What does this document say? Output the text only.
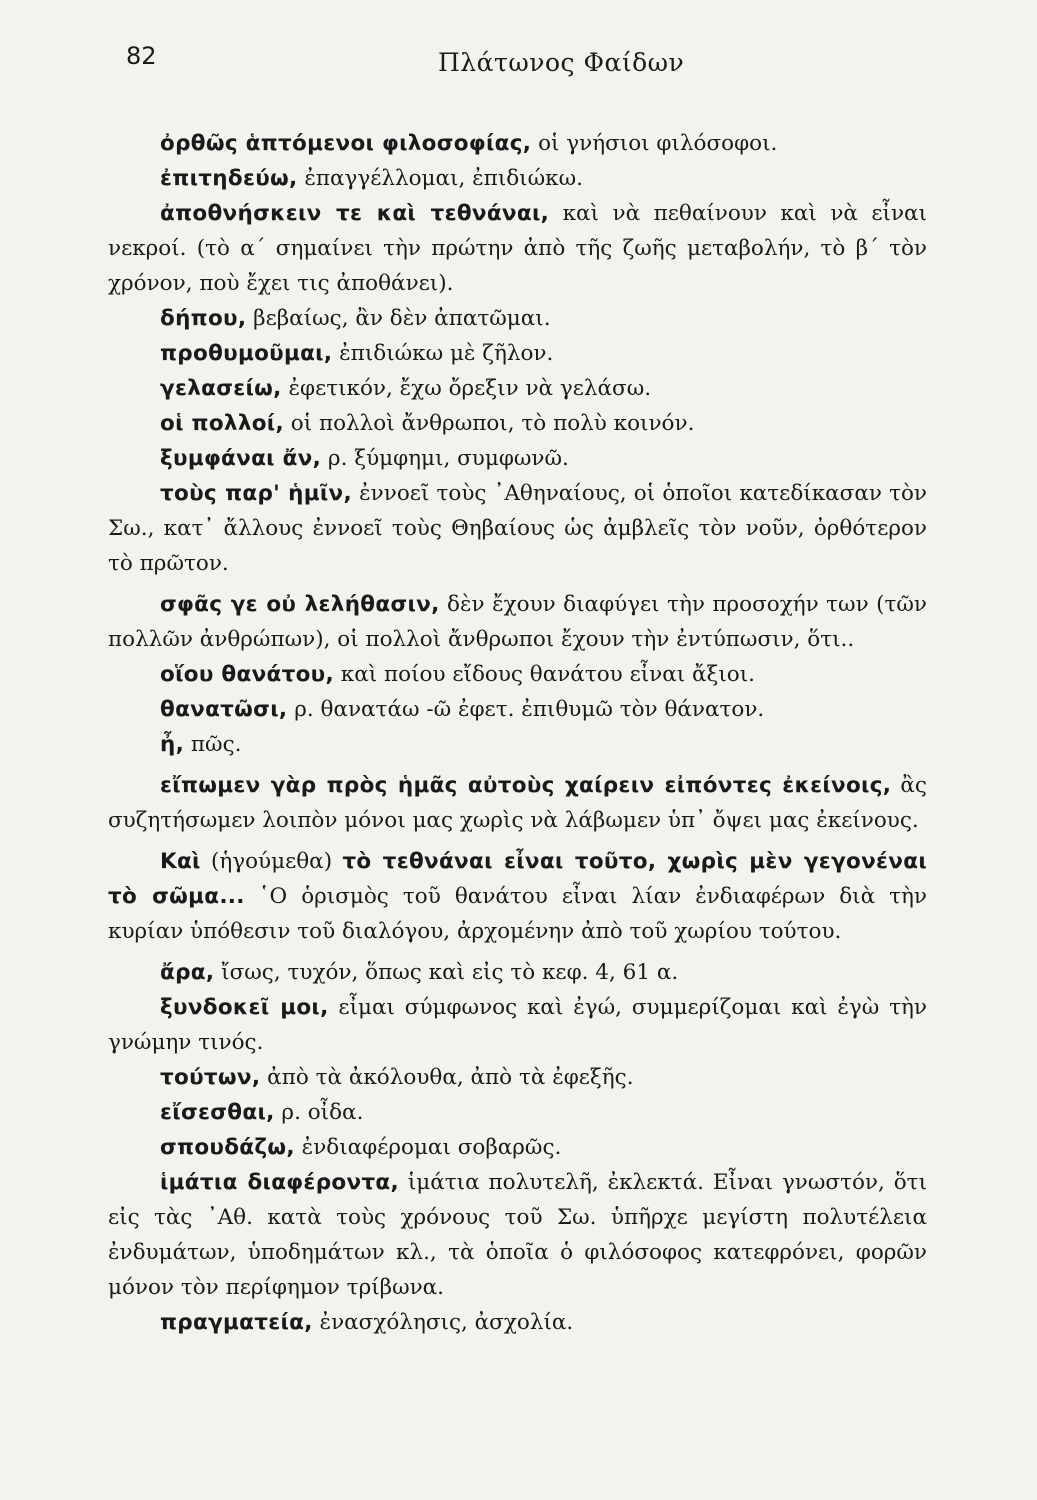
82	Πλάτωνος Φαίδων

ὀρθῶς ἁπτόμενοι φιλοσοφίας, οἱ γνήσιοι φιλόσοφοι.

ἐπιτηδεύω, ἐπαγγέλλομαι, ἐπιδιώκω.

ἀποθνήσκειν τε καὶ τεθνάναι, καὶ νὰ πεθαίνουν καὶ νὰ εἶναι νεκροί. (τὸ α΄ σημαίνει τὴν πρώτην ἀπὸ τῆς ζωῆς μεταβολήν, τὸ β΄ τὸν χρόνον, ποὺ ἔχει τις ἀποθάνει).

δήπου, βεβαίως, ἂν δὲν ἀπατῶμαι.

προθυμοῦμαι, ἐπιδιώκω μὲ ζῆλον.

γελασείω, ἐφετικόν, ἔχω ὄρεξιν νὰ γελάσω.

οἱ πολλοί, οἱ πολλοὶ ἄνθρωποι, τὸ πολὺ κοινόν.

ξυμφάναι ἄν, ρ. ξύμφημι, συμφωνῶ.

τοὺς παρ' ἡμῖν, ἐννοεῖ τοὺς ᾿Αθηναίους, οἱ ὁποῖοι κατεδίκασαν τὸν Σω., κατ᾿ ἄλλους ἐννοεῖ τοὺς Θηβαίους ὡς ἀμβλεῖς τὸν νοῦν, ὀρθότερον τὸ πρῶτον.

σφᾶς γε οὐ λελήθασιν, δὲν ἔχουν διαφύγει τὴν προσοχήν των (τῶν πολλῶν ἀνθρώπων), οἱ πολλοὶ ἄνθρωποι ἔχουν τὴν ἐντύπωσιν, ὅτι..

οἵου θανάτου, καὶ ποίου εἴδους θανάτου εἶναι ἄξιοι.

θανατῶσι, ρ. θανατάω -ῶ ἐφετ. ἐπιθυμῶ τὸν θάνατον.

ἦ, πῶς.

εἴπωμεν γὰρ πρὸς ἡμᾶς αὐτοὺς χαίρειν εἰπόντες ἐκείνοις, ἂς συζητήσωμεν λοιπὸν μόνοι μας χωρὶς νὰ λάβωμεν ὑπ᾿ ὄψει μας ἐκείνους.

Καὶ (ἡγούμεθα) τὸ τεθνάναι εἶναι τοῦτο, χωρὶς μὲν γεγονέναι τὸ σῶμα... ῾Ο ὁρισμὸς τοῦ θανάτου εἶναι λίαν ἐνδιαφέρων διὰ τὴν κυρίαν ὑπόθεσιν τοῦ διαλόγου, ἀρχομένην ἀπὸ τοῦ χωρίου τούτου.

ἄρα, ἴσως, τυχόν, ὅπως καὶ εἰς τὸ κεφ. 4, 61 α.

ξυνδοκεῖ μοι, εἶμαι σύμφωνος καὶ ἐγώ, συμμερίζομαι καὶ ἐγὼ τὴν γνώμην τινός.

τούτων, ἀπὸ τὰ ἀκόλουθα, ἀπὸ τὰ ἐφεξῆς.

εἴσεσθαι, ρ. οἶδα.

σπουδάζω, ἐνδιαφέρομαι σοβαρῶς.

ἱμάτια διαφέροντα, ἱμάτια πολυτελῆ, ἐκλεκτά. Εἶναι γνωστόν, ὅτι εἰς τὰς ᾿Αθ. κατὰ τοὺς χρόνους τοῦ Σω. ὑπῆρχε μεγίστη πολυτέλεια ἐνδυμάτων, ὑποδημάτων κλ., τὰ ὁποῖα ὁ φιλόσοφος κατεφρόνει, φορῶν μόνον τὸν περίφημον τρίβωνα.

πραγματεία, ἐνασχόλησις, ἀσχολία.
